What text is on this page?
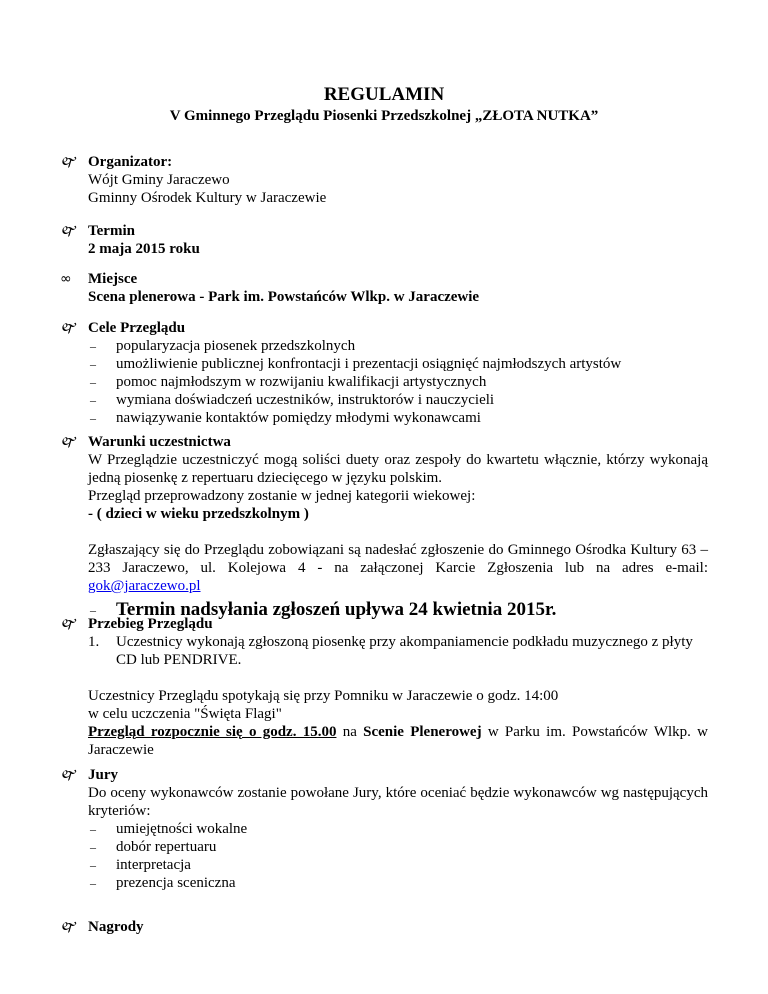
REGULAMIN
V Gminnego Przeglądu Piosenki Przedszkolnej „ZŁOTA NUTKA”
🙰 Organizator:
Wójt Gminy Jaraczewo
Gminny Ośrodek Kultury w Jaraczewie
🙰 Termin
2 maja 2015 roku
∞	Miejsce
Scena plenerowa - Park im. Powstańców Wlkp. w Jaraczewie
🙰 Cele Przeglądu
– popularyzacja piosenek przedszkolnych
– umożliwienie publicznej konfrontacji i prezentacji osiągnięć najmłodszych artystów
– pomoc najmłodszym w rozwijaniu kwalifikacji artystycznych
– wymiana doświadczeń uczestników, instruktorów i nauczycieli
– nawiązywanie kontaktów pomiędzy młodymi wykonawcami
🙰 Warunki uczestnictwa
W Przeglądzie uczestniczyć mogą soliści duety oraz zespoły do kwartetu włącznie, którzy wykonają jedną piosenkę z repertuaru dziecięcego w języku polskim.
Przegląd przeprowadzony zostanie w jednej kategorii wiekowej:
- ( dzieci w wieku przedszkolnym )
Zgłaszający się do Przeglądu zobowiązani są nadesłać zgłoszenie do Gminnego Ośrodka Kultury 63 – 233 Jaraczewo, ul. Kolejowa 4 - na załączonej Karcie Zgłoszenia lub na adres e-mail: gok@jaraczewo.pl
– Termin nadsyłania zgłoszeń upływa 24 kwietnia 2015r.
🙰 Przebieg Przeglądu
1. Uczestnicy wykonają zgłoszoną piosenkę przy akompaniamencie podkładu muzycznego z płyty CD lub PENDRIVE.
Uczestnicy Przeglądu spotykają się przy Pomniku w Jaraczewie o godz. 14:00
w celu uczczenia "Święta Flagi"
Przegląd rozpocznie się o godz. 15.00 na Scenie Plenerowej w Parku im. Powstańców Wlkp. w Jaraczewie
🙰 Jury
Do oceny wykonawców zostanie powołane Jury, które oceniać będzie wykonawców wg następujących kryteriów:
– umiejętności wokalne
– dobór repertuaru
– interpretacja
– prezencja sceniczna
🙰 Nagrody
